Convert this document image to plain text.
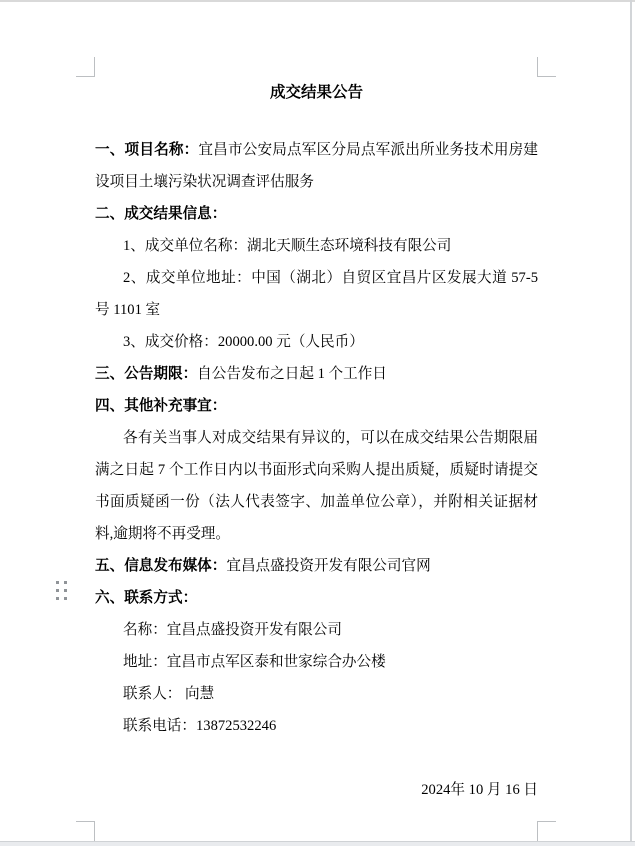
成交结果公告

一、项目名称：宜昌市公安局点军区分局点军派出所业务技术用房建设项目土壤污染状况调查评估服务

二、成交结果信息：

1、成交单位名称：湖北天顺生态环境科技有限公司

2、成交单位地址：中国（湖北）自贸区宜昌片区发展大道 57-5 号 1101 室

3、成交价格：20000.00 元（人民币）

三、公告期限：自公告发布之日起 1 个工作日

四、其他补充事宜：

各有关当事人对成交结果有异议的，可以在成交结果公告期限届满之日起 7 个工作日内以书面形式向采购人提出质疑，质疑时请提交书面质疑函一份（法人代表签字、加盖单位公章），并附相关证据材料,逾期将不再受理。

五、信息发布媒体：宜昌点盛投资开发有限公司官网

六、联系方式：

名称：宜昌点盛投资开发有限公司

地址：宜昌市点军区泰和世家综合办公楼

联系人： 向慧

联系电话：13872532246

2024年 10 月 16 日
